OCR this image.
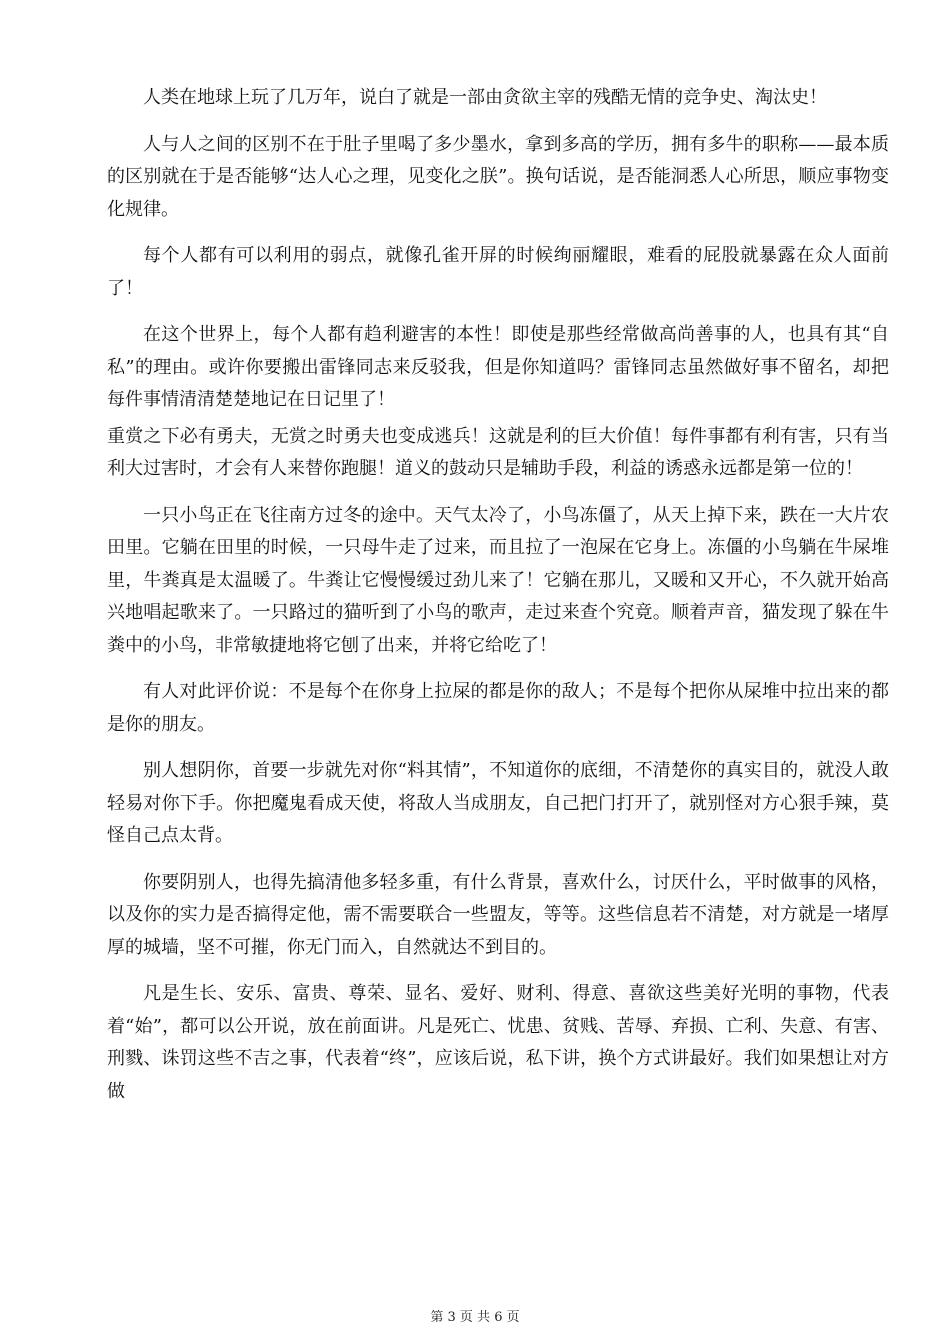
人类在地球上玩了几万年，说白了就是一部由贪欲主宰的残酷无情的竞争史、淘汰史！

人与人之间的区别不在于肚子里喝了多少墨水，拿到多高的学历，拥有多牛的职称——最本质的区别就在于是否能够“达人心之理，见变化之朕”。换句话说，是否能洞悉人心所思，顺应事物变化规律。

每个人都有可以利用的弱点，就像孔雀开屏的时候绚丽耀眼，难看的屁股就暴露在众人面前了！

在这个世界上，每个人都有趋利避害的本性！即使是那些经常做高尚善事的人，也具有其“自私”的理由。或许你要搬出雷锋同志来反驳我，但是你知道吗？雷锋同志虽然做好事不留名，却把每件事情清清楚楚地记在日记里了！

重赏之下必有勇夫，无赏之时勇夫也变成逃兵！这就是利的巨大价值！每件事都有利有害，只有当利大过害时，才会有人来替你跑腿！道义的鼓动只是辅助手段，利益的诱惑永远都是第一位的！

一只小鸟正在飞往南方过冬的途中。天气太冷了，小鸟冻僵了，从天上掉下来，跌在一大片农田里。它躺在田里的时候，一只母牛走了过来，而且拉了一泡屎在它身上。冻僵的小鸟躺在牛屎堆里，牛粪真是太温暖了。牛粪让它慢慢缓过劲儿来了！它躺在那儿，又暖和又开心，不久就开始高兴地唱起歌来了。一只路过的猫听到了小鸟的歌声，走过来查个究竟。顺着声音，猫发现了躲在牛粪中的小鸟，非常敏捷地将它刨了出来，并将它给吃了！

有人对此评价说：不是每个在你身上拉屎的都是你的敌人；不是每个把你从屎堆中拉出来的都是你的朋友。

别人想阴你，首要一步就先对你“料其情”，不知道你的底细，不清楚你的真实目的，就没人敢轻易对你下手。你把魔鬼看成天使，将敌人当成朋友，自己把门打开了，就别怪对方心狠手辣，莫怪自己点太背。

你要阴别人，也得先搞清他多轻多重，有什么背景，喜欢什么，讨厌什么，平时做事的风格，以及你的实力是否搞得定他，需不需要联合一些盟友，等等。这些信息若不清楚，对方就是一堵厚厚的城墙，坚不可摧，你无门而入，自然就达不到目的。

凡是生长、安乐、富贵、尊荣、显名、爱好、财利、得意、喜欲这些美好光明的事物，代表着“始”，都可以公开说，放在前面讲。凡是死亡、忧患、贫贱、苦辱、弃损、亡利、失意、有害、刑戮、诛罚这些不吉之事，代表着“终”，应该后说，私下讲，换个方式讲最好。我们如果想让对方做

第 3 页 共 6 页
